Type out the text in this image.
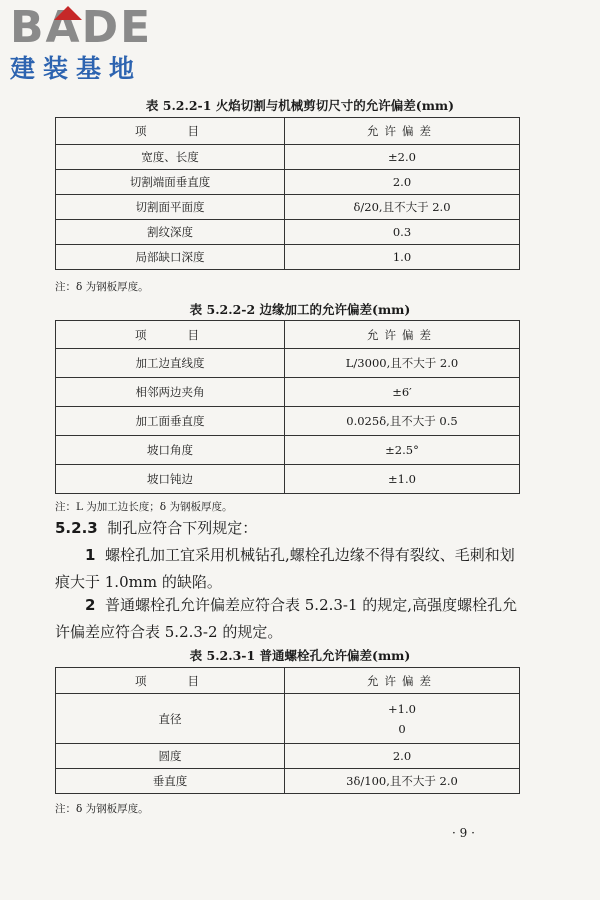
BADE
建装基地
表 5.2.2-1 火焰切割与机械剪切尺寸的允许偏差(mm)
项　　目	允许偏差
宽度、长度	±2.0
切割端面垂直度	2.0
切割面平面度	δ/20,且不大于 2.0
割纹深度	0.3
局部缺口深度	1.0
注：δ 为钢板厚度。
表 5.2.2-2 边缘加工的允许偏差(mm)
项　　目	允许偏差
加工边直线度	L/3000,且不大于 2.0
相邻两边夹角	±6′
加工面垂直度	0.025δ,且不大于 0.5
坡口角度	±2.5°
坡口钝边	±1.0
注：L 为加工边长度；δ 为钢板厚度。
5.2.3 制孔应符合下列规定：
1 螺栓孔加工宜采用机械钻孔,螺栓孔边缘不得有裂纹、毛刺和划痕大于 1.0mm 的缺陷。
2 普通螺栓孔允许偏差应符合表 5.2.3-1 的规定,高强度螺栓孔允许偏差应符合表 5.2.3-2 的规定。
表 5.2.3-1 普通螺栓孔允许偏差(mm)
项　　目	允许偏差
直径	+1.0
0

圆度	2.0
垂直度	3δ/100,且不大于 2.0
注：δ 为钢板厚度。
· 9 ·
